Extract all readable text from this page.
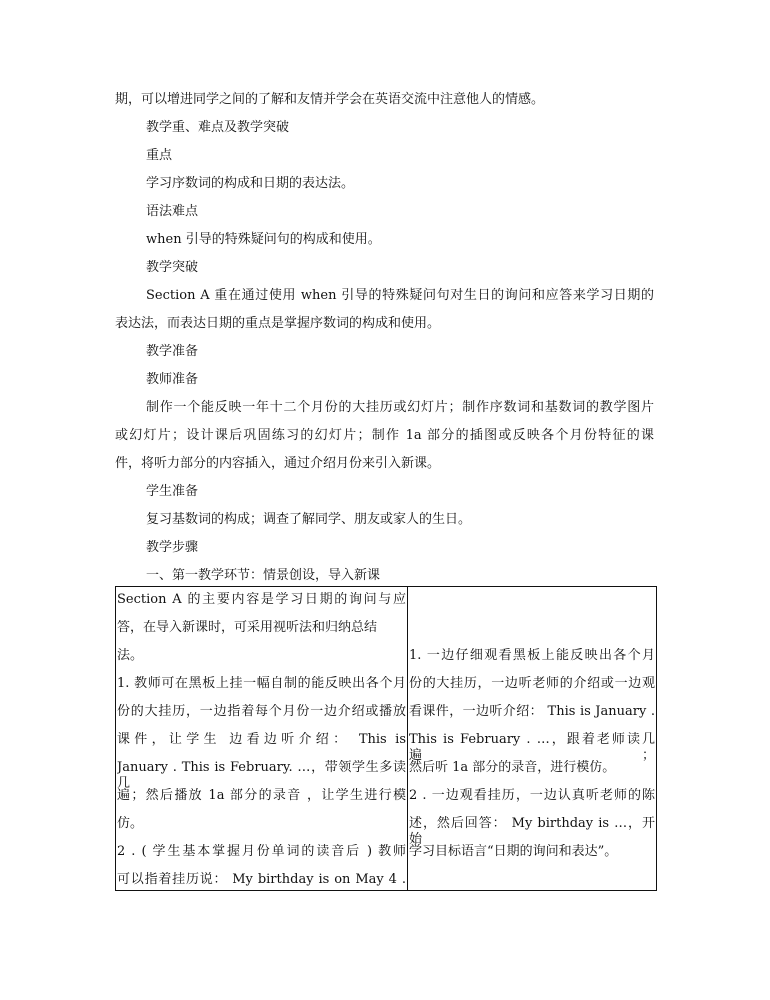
期，可以增进同学之间的了解和友情并学会在英语交流中注意他人的情感。
教学重、难点及教学突破
重点
学习序数词的构成和日期的表达法。
语法难点
when 引导的特殊疑问句的构成和使用。
教学突破
Section A 重在通过使用 when 引导的特殊疑问句对生日的询问和应答来学习日期的
表达法，而表达日期的重点是掌握序数词的构成和使用。
教学准备
教师准备
制作一个能反映一年十二个月份的大挂历或幻灯片；制作序数词和基数词的教学图片
或幻灯片；设计课后巩固练习的幻灯片；制作 1a 部分的插图或反映各个月份特征的课
件，将听力部分的内容插入，通过介绍月份来引入新课。
学生准备
复习基数词的构成；调查了解同学、朋友或家人的生日。
教学步骤
一、第一教学环节：情景创设，导入新课
Section A 的主要内容是学习日期的询问与应
答，在导入新课时，可采用视听法和归纳总结
法。
1. 教师可在黑板上挂一幅自制的能反映出各个月
份的大挂历，一边指着每个月份一边介绍或播放
课件，让学生 边看边听介绍： This is
January . This is February. …，带领学生多读几
遍；然后播放 1a 部分的录音 ，让学生进行模
仿。
2 . ( 学生基本掌握月份单词的读音后 ) 教师
可以指着挂历说： My birthday is on May 4 .

1. 一边仔细观看黑板上能反映出各个月
份的大挂历，一边听老师的介绍或一边观
看课件，一边听介绍： This is January .
This is February . …，跟着老师读几遍；
然后听 1a 部分的录音，进行模仿。
2 . 一边观看挂历，一边认真听老师的陈
述，然后回答： My birthday is …，开始
学习目标语言“日期的询问和表达”。
